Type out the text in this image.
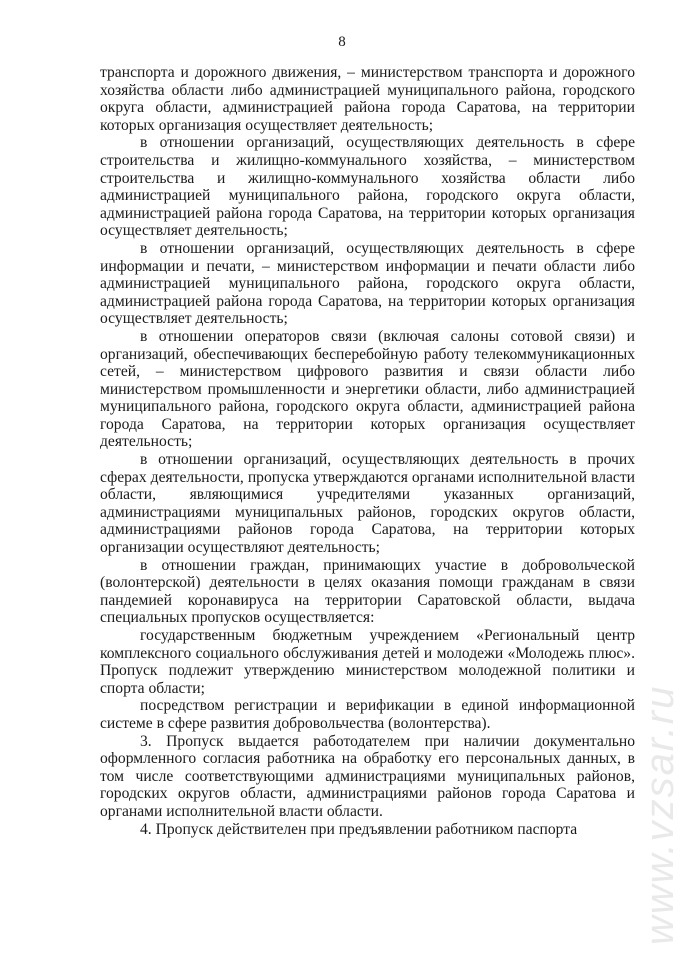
8

транспорта и дорожного движения, – министерством транспорта и дорожного хозяйства области либо администрацией муниципального района, городского округа области, администрацией района города Саратова, на территории которых организация осуществляет деятельность;

в отношении организаций, осуществляющих деятельность в сфере строительства и жилищно-коммунального хозяйства, – министерством строительства и жилищно-коммунального хозяйства области либо администрацией муниципального района, городского округа области, администрацией района города Саратова, на территории которых организация осуществляет деятельность;

в отношении организаций, осуществляющих деятельность в сфере информации и печати, – министерством информации и печати области либо администрацией муниципального района, городского округа области, администрацией района города Саратова, на территории которых организация осуществляет деятельность;

в отношении операторов связи (включая салоны сотовой связи) и организаций, обеспечивающих бесперебойную работу телекоммуникационных сетей, – министерством цифрового развития и связи области либо министерством промышленности и энергетики области, либо администрацией муниципального района, городского округа области, администрацией района города Саратова, на территории которых организация осуществляет деятельность;

в отношении организаций, осуществляющих деятельность в прочих сферах деятельности, пропуска утверждаются органами исполнительной власти области, являющимися учредителями указанных организаций, администрациями муниципальных районов, городских округов области, администрациями районов города Саратова, на территории которых организации осуществляют деятельность;

в отношении граждан, принимающих участие в добровольческой (волонтерской) деятельности в целях оказания помощи гражданам в связи пандемией коронавируса на территории Саратовской области, выдача специальных пропусков осуществляется:

государственным бюджетным учреждением «Региональный центр комплексного социального обслуживания детей и молодежи «Молодежь плюс». Пропуск подлежит утверждению министерством молодежной политики и спорта области;

посредством регистрации и верификации в единой информационной системе в сфере развития добровольчества (волонтерства).

3. Пропуск выдается работодателем при наличии документально оформленного согласия работника на обработку его персональных данных, в том числе соответствующими администрациями муниципальных районов, городских округов области, администрациями районов города Саратова и органами исполнительной власти области.

4. Пропуск действителен при предъявлении работником паспорта	www.vzsar.ru
